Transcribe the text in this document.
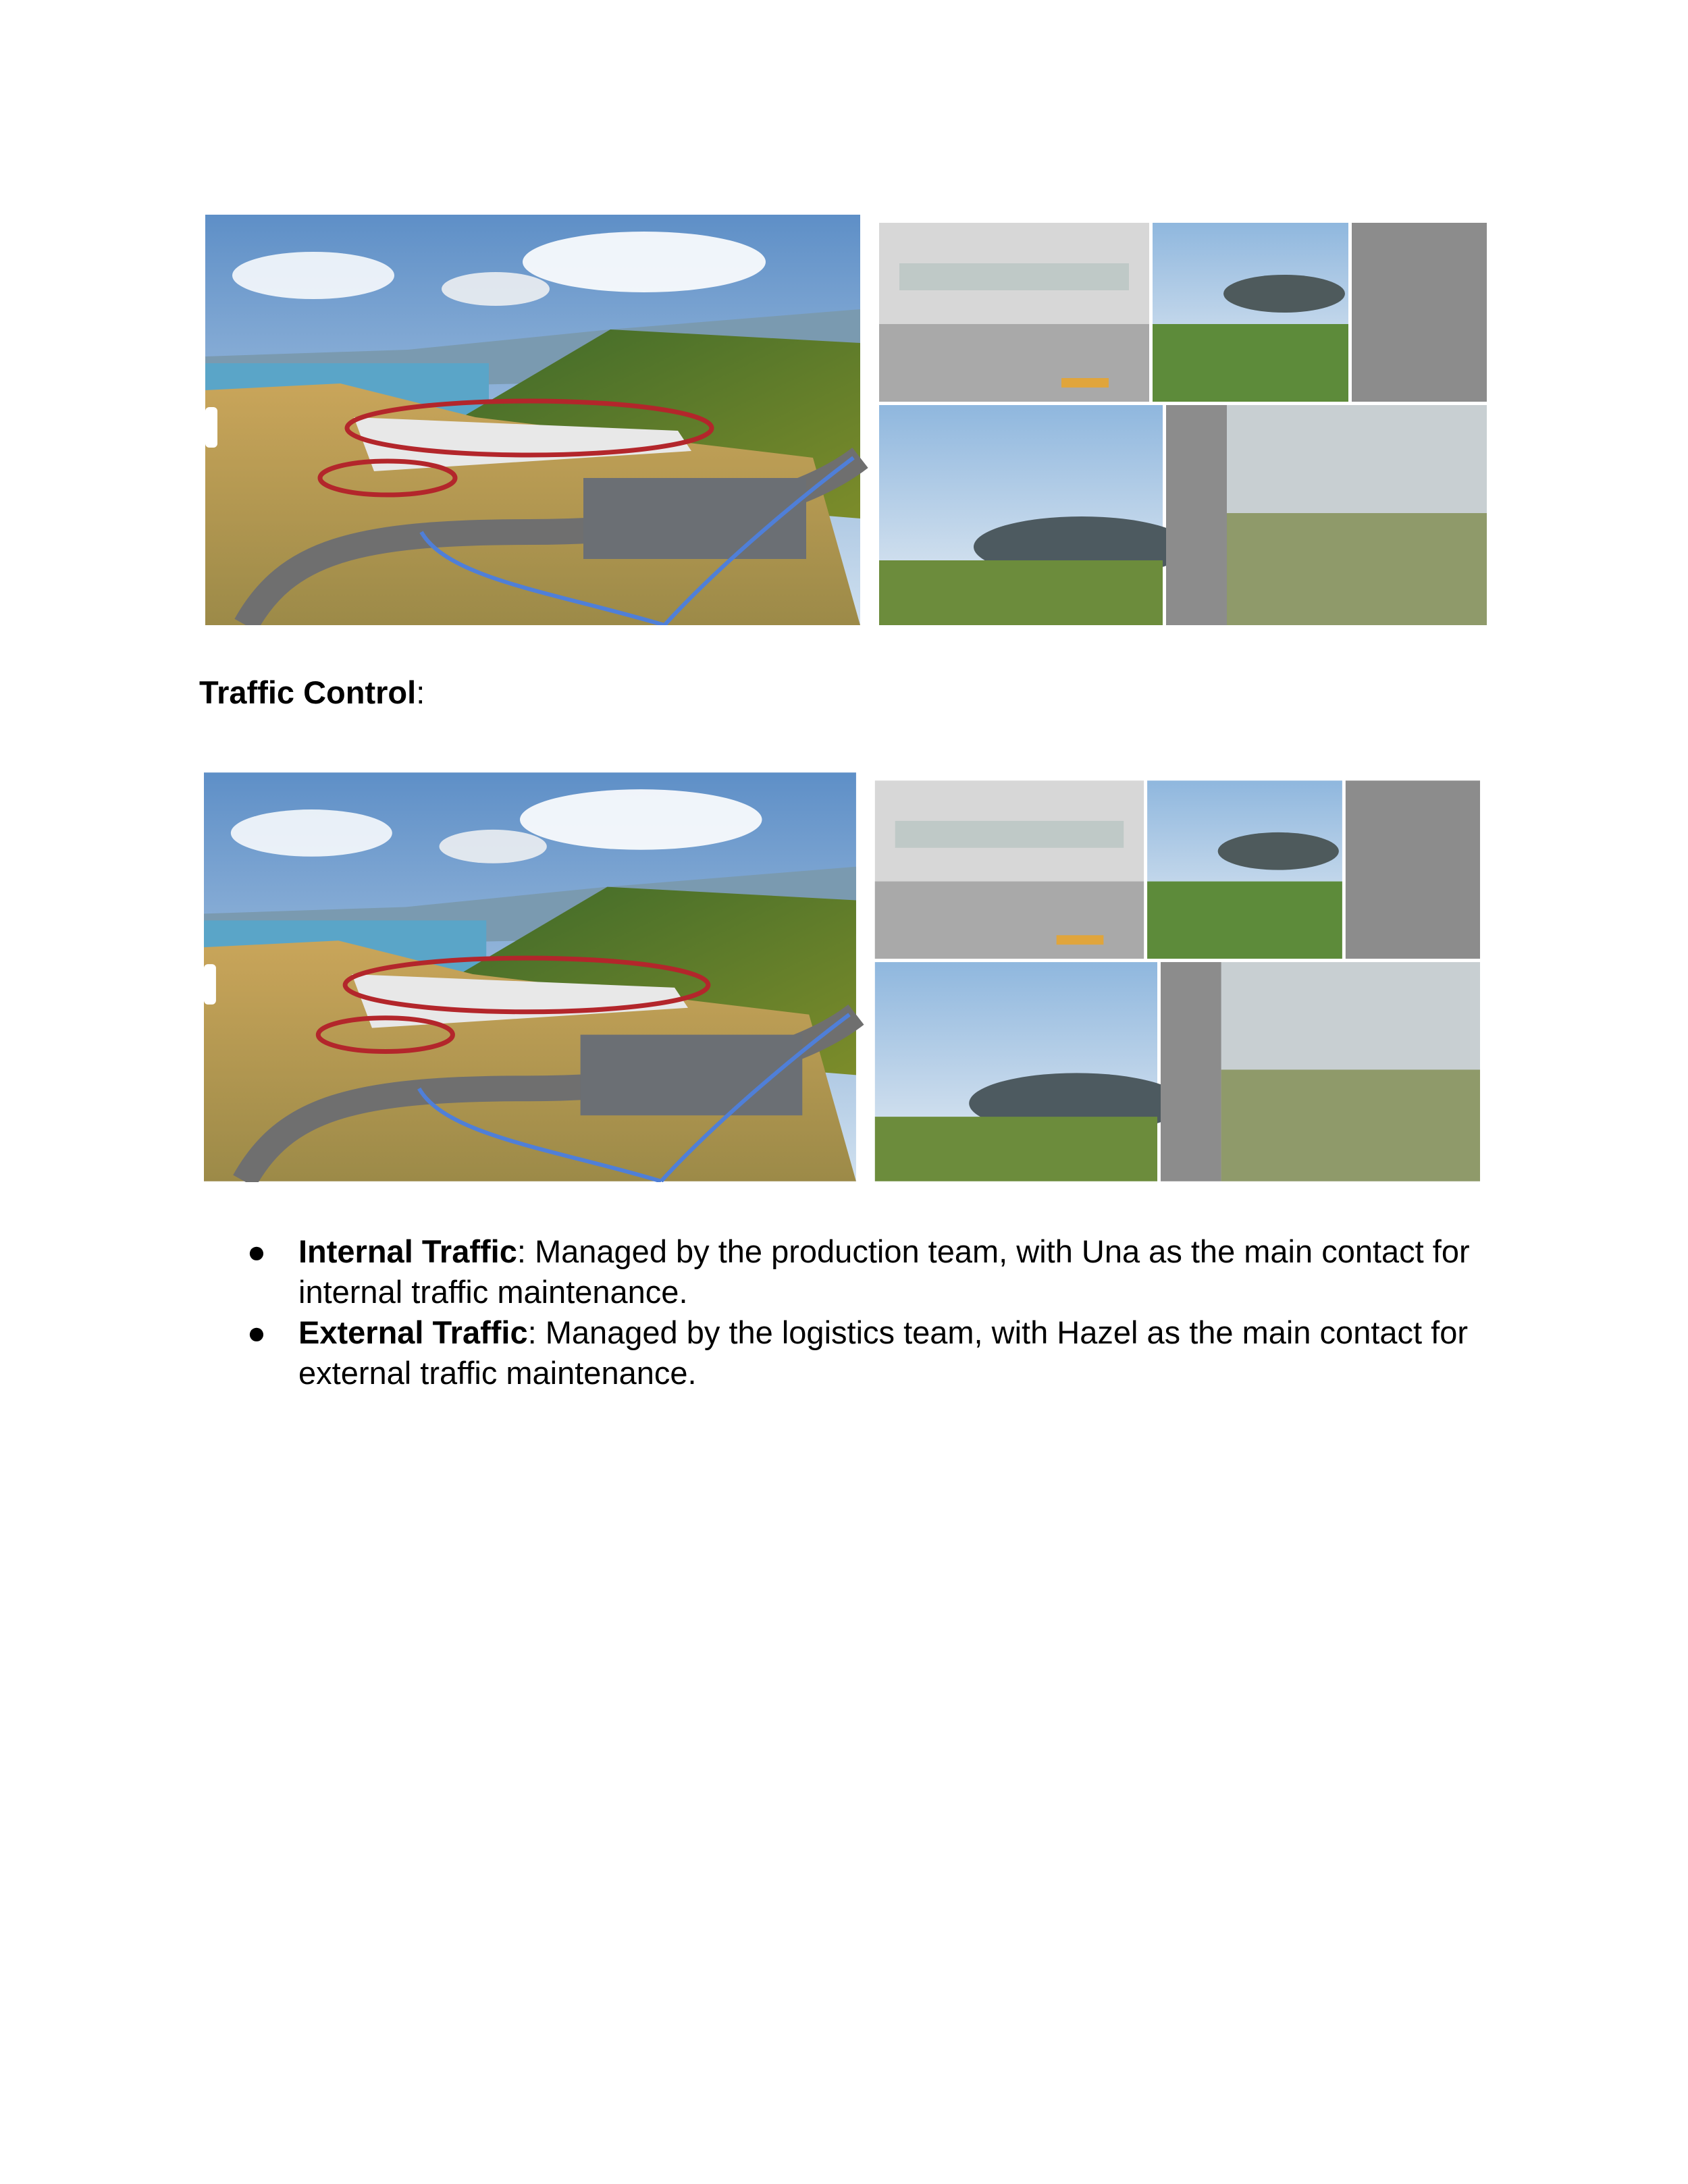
Traffic Control:
● Internal Traffic: Managed by the production team, with Una as the main contact for internal traffic maintenance.
● External Traffic: Managed by the logistics team, with Hazel as the main contact for external traffic maintenance.
